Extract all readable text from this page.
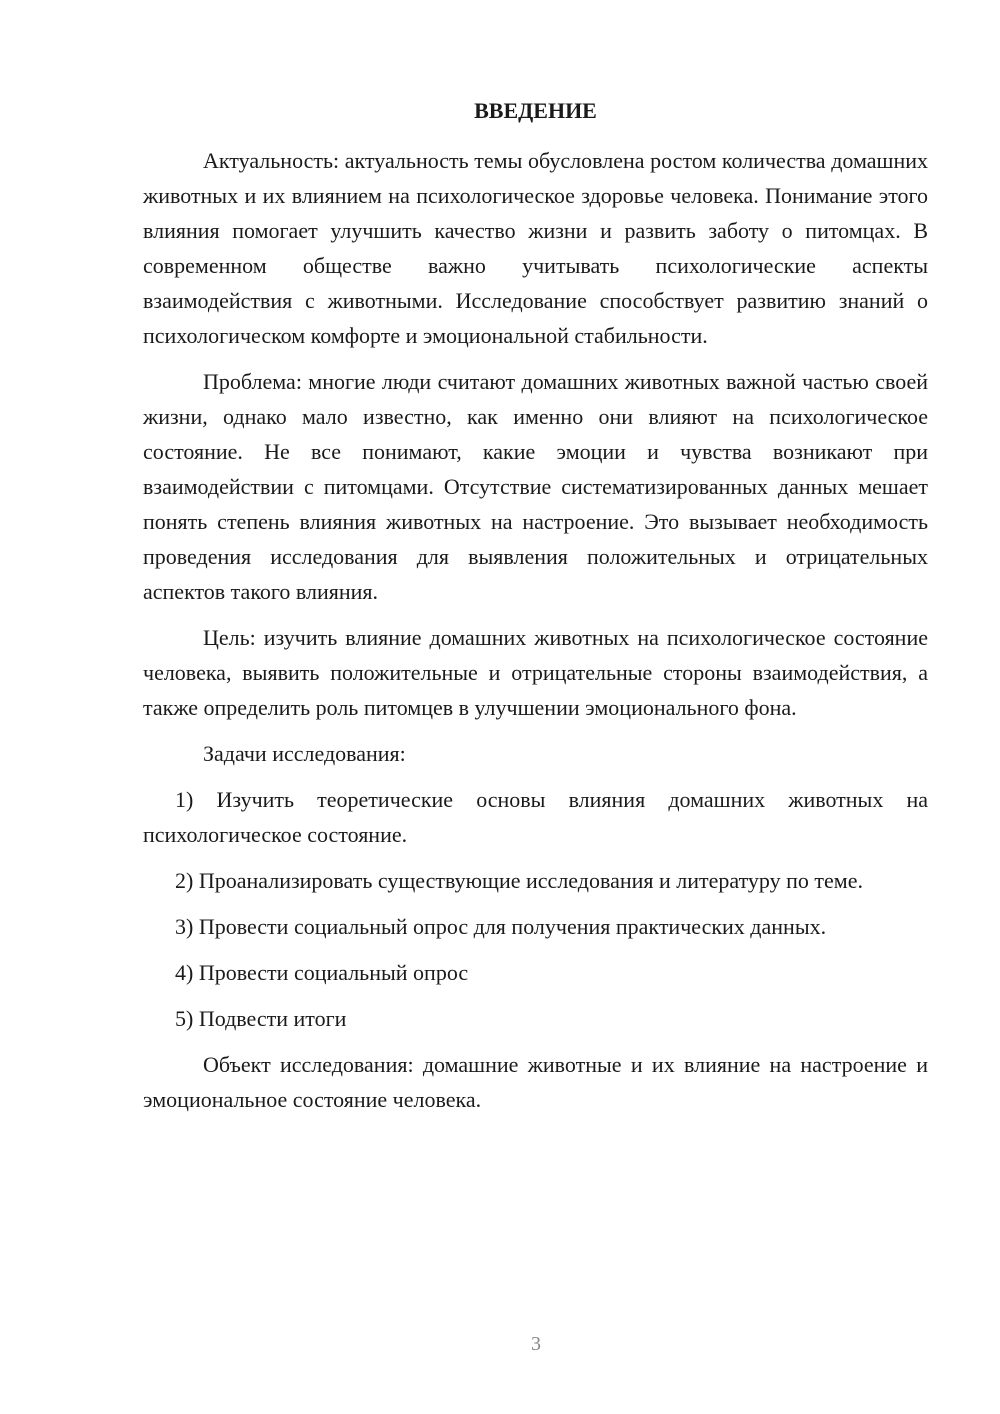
ВВЕДЕНИЕ

Актуальность: актуальность темы обусловлена ростом количества домашних животных и их влиянием на психологическое здоровье человека. Понимание этого влияния помогает улучшить качество жизни и развить заботу о питомцах. В современном обществе важно учитывать психологические аспекты взаимодействия с животными. Исследование способствует развитию знаний о психологическом комфорте и эмоциональной стабильности.

Проблема: многие люди считают домашних животных важной частью своей жизни, однако мало известно, как именно они влияют на психологическое состояние. Не все понимают, какие эмоции и чувства возникают при взаимодействии с питомцами. Отсутствие систематизированных данных мешает понять степень влияния животных на настроение. Это вызывает необходимость проведения исследования для выявления положительных и отрицательных аспектов такого влияния.

Цель: изучить влияние домашних животных на психологическое состояние человека, выявить положительные и отрицательные стороны взаимодействия, а также определить роль питомцев в улучшении эмоционального фона.

Задачи исследования:

1) Изучить теоретические основы влияния домашних животных на психологическое состояние.

2) Проанализировать существующие исследования и литературу по теме.

3) Провести социальный опрос для получения практических данных.

4) Провести социальный опрос

5) Подвести итоги

Объект исследования: домашние животные и их влияние на настроение и эмоциональное состояние человека.

3
